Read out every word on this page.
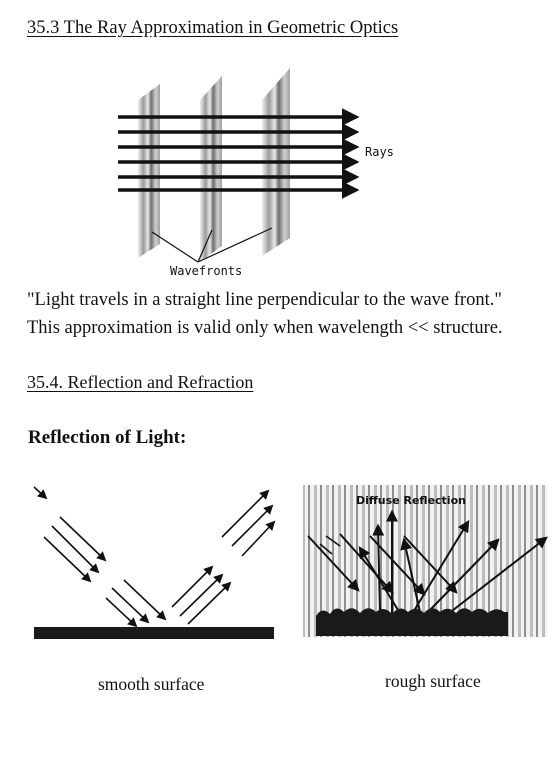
35.3 The Ray Approximation in Geometric Optics
Rays
Wavefronts
"Light travels in a straight line perpendicular to the wave front."
This approximation is valid only when wavelength << structure.
35.4. Reflection and Refraction
Reflection of Light:
Diffuse Reflection
smooth surface	rough surface
